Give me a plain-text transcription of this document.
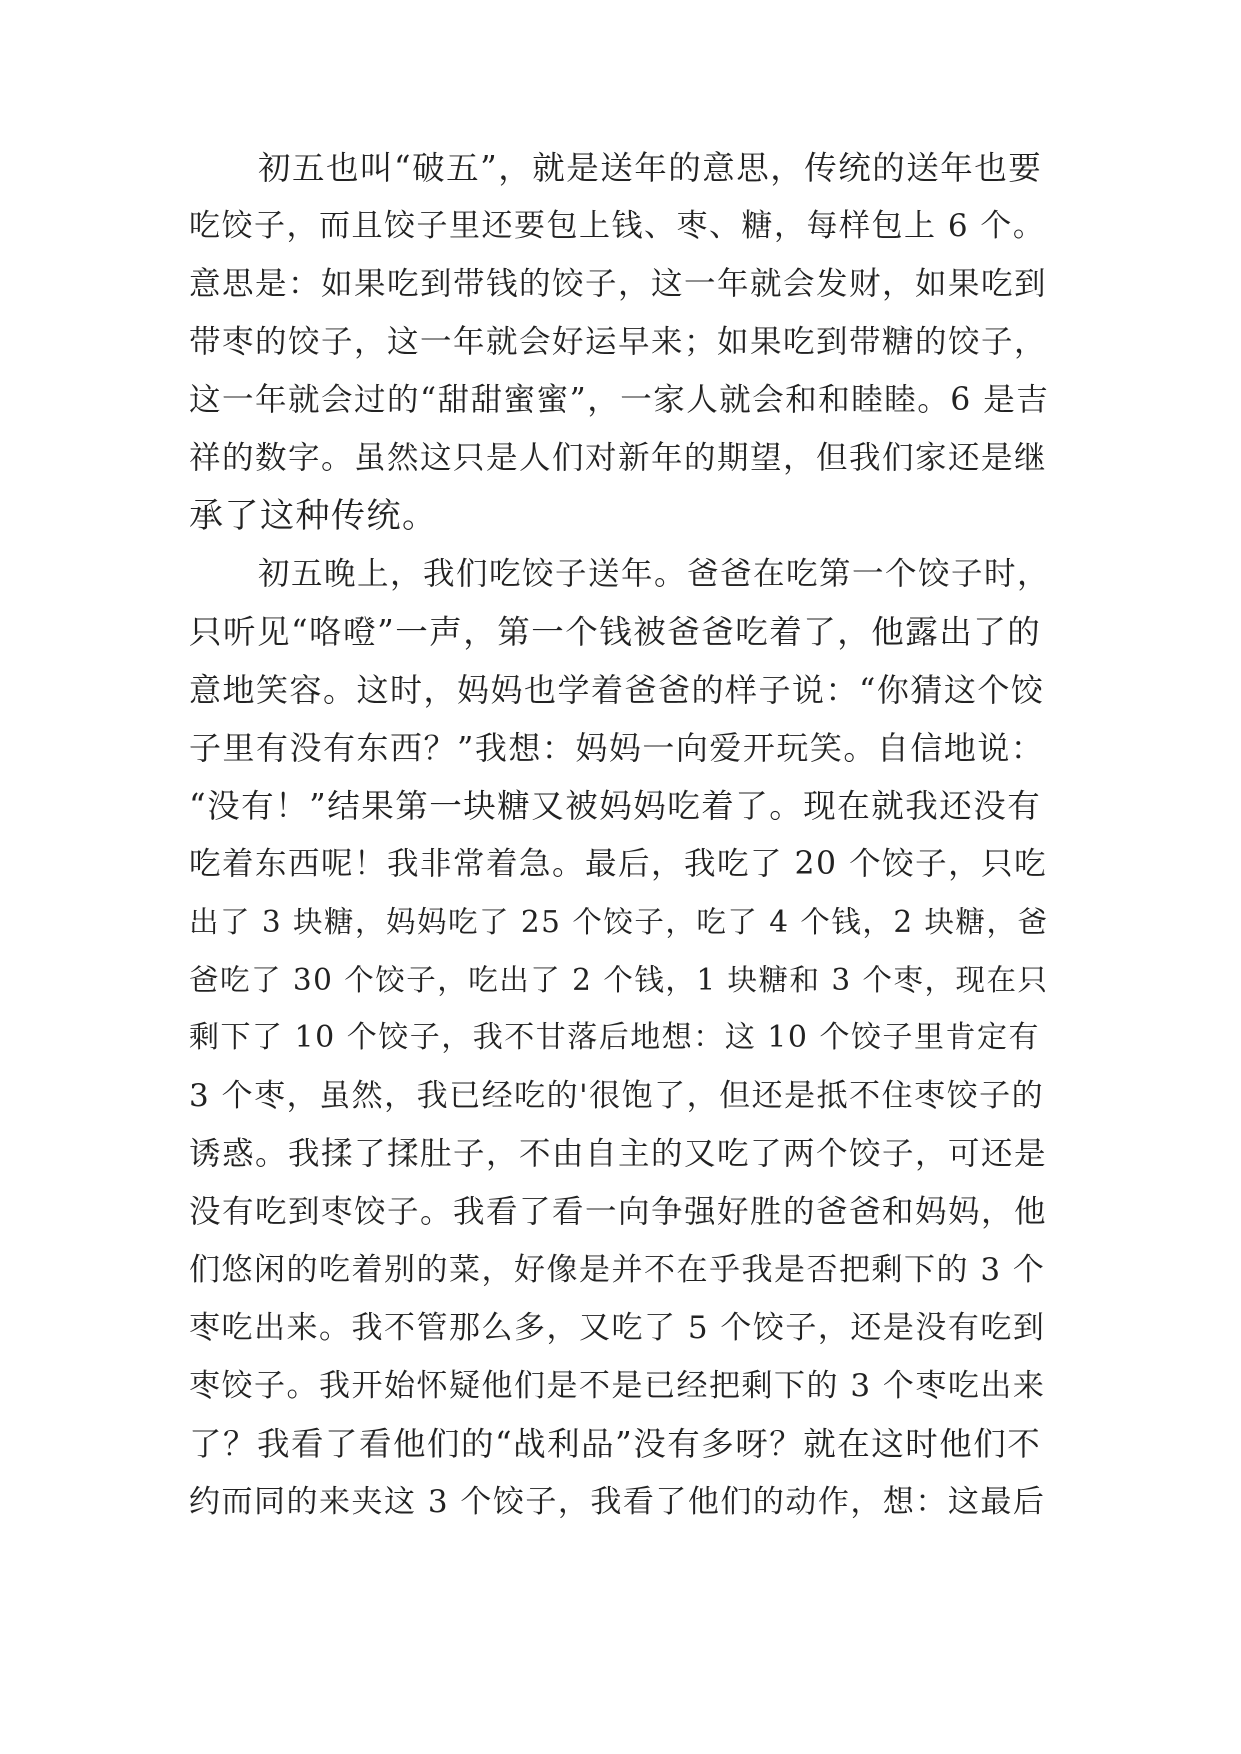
初五也叫“破五”，就是送年的意思，传统的送年也要
吃饺子，而且饺子里还要包上钱、枣、糖，每样包上 6 个。
意思是：如果吃到带钱的饺子，这一年就会发财，如果吃到
带枣的饺子，这一年就会好运早来；如果吃到带糖的饺子，
这一年就会过的“甜甜蜜蜜”，一家人就会和和睦睦。6 是吉
祥的数字。虽然这只是人们对新年的期望，但我们家还是继
承了这种传统。
初五晚上，我们吃饺子送年。爸爸在吃第一个饺子时，
只听见“咯噔”一声，第一个钱被爸爸吃着了，他露出了的
意地笑容。这时，妈妈也学着爸爸的样子说：“你猜这个饺
子里有没有东西？”我想：妈妈一向爱开玩笑。自信地说：
“没有！”结果第一块糖又被妈妈吃着了。现在就我还没有
吃着东西呢！我非常着急。最后，我吃了 20 个饺子，只吃
出了 3 块糖，妈妈吃了 25 个饺子，吃了 4 个钱，2 块糖，爸
爸吃了 30 个饺子，吃出了 2 个钱，1 块糖和 3 个枣，现在只
剩下了 10 个饺子，我不甘落后地想：这 10 个饺子里肯定有
3 个枣，虽然，我已经吃的'很饱了，但还是抵不住枣饺子的
诱惑。我揉了揉肚子，不由自主的又吃了两个饺子，可还是
没有吃到枣饺子。我看了看一向争强好胜的爸爸和妈妈，他
们悠闲的吃着别的菜，好像是并不在乎我是否把剩下的 3 个
枣吃出来。我不管那么多，又吃了 5 个饺子，还是没有吃到
枣饺子。我开始怀疑他们是不是已经把剩下的 3 个枣吃出来
了？我看了看他们的“战利品”没有多呀？就在这时他们不
约而同的来夹这 3 个饺子，我看了他们的动作，想：这最后
